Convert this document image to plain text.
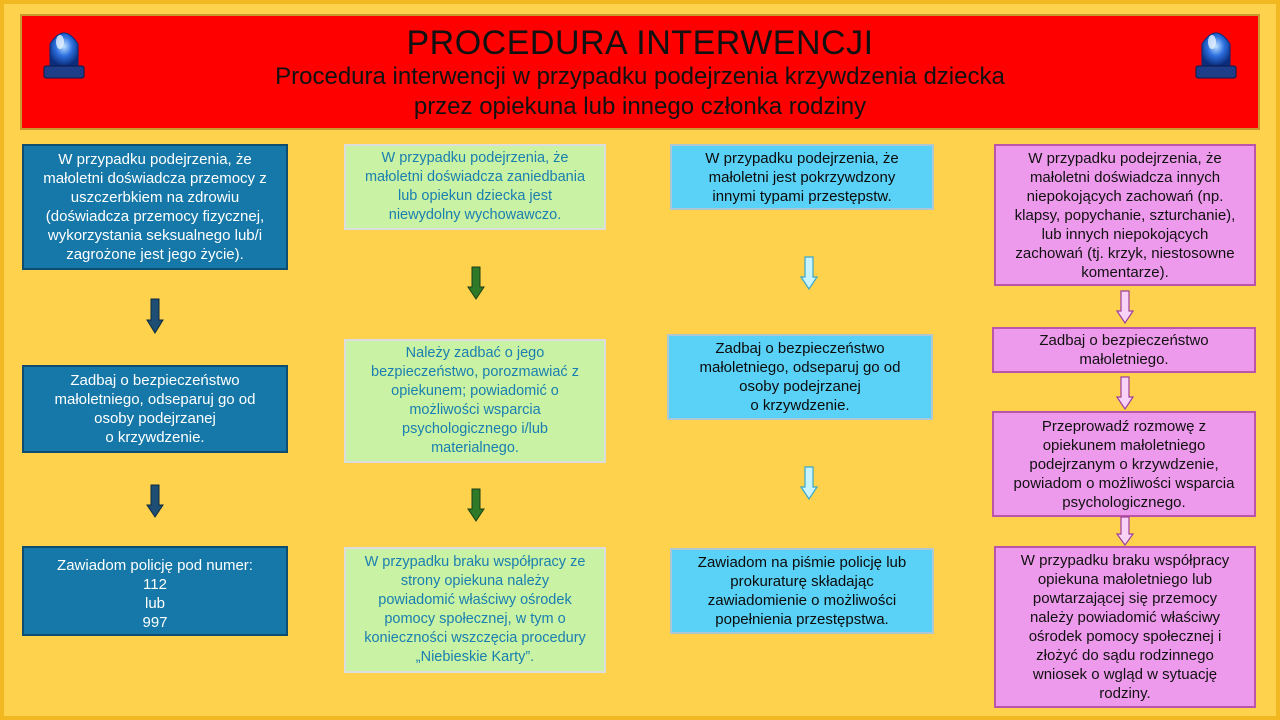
PROCEDURA INTERWENCJI
Procedura interwencji w przypadku podejrzenia krzywdzenia dziecka
przez opiekuna lub innego członka rodziny
W przypadku podejrzenia, że
małoletni doświadcza przemocy z
uszczerbkiem na zdrowiu
(doświadcza przemocy fizycznej,
wykorzystania seksualnego lub/i
zagrożone jest jego życie).
Zadbaj o bezpieczeństwo
małoletniego, odseparuj go od
osoby podejrzanej
o krzywdzenie.
Zawiadom policję pod numer:
112
lub
997
W przypadku podejrzenia, że
małoletni doświadcza zaniedbania
lub opiekun dziecka jest
niewydolny wychowawczo.
Należy zadbać o jego
bezpieczeństwo, porozmawiać z
opiekunem; powiadomić o
możliwości wsparcia
psychologicznego i/lub
materialnego.
W przypadku braku współpracy ze
strony opiekuna należy
powiadomić właściwy ośrodek
pomocy społecznej, w tym o
konieczności wszczęcia procedury
„Niebieskie Karty”.
W przypadku podejrzenia, że
małoletni jest pokrzywdzony
innymi typami przestępstw.
Zadbaj o bezpieczeństwo
małoletniego, odseparuj go od
osoby podejrzanej
o krzywdzenie.
Zawiadom na piśmie policję lub
prokuraturę składając
zawiadomienie o możliwości
popełnienia przestępstwa.
W przypadku podejrzenia, że
małoletni doświadcza innych
niepokojących zachowań (np.
klapsy, popychanie, szturchanie),
lub innych niepokojących
zachowań (tj. krzyk, niestosowne
komentarze).
Zadbaj o bezpieczeństwo
małoletniego.
Przeprowadź rozmowę z
opiekunem małoletniego
podejrzanym o krzywdzenie,
powiadom o możliwości wsparcia
psychologicznego.
W przypadku braku współpracy
opiekuna małoletniego lub
powtarzającej się przemocy
należy powiadomić właściwy
ośrodek pomocy społecznej i
złożyć do sądu rodzinnego
wniosek o wgląd w sytuację
rodziny.
